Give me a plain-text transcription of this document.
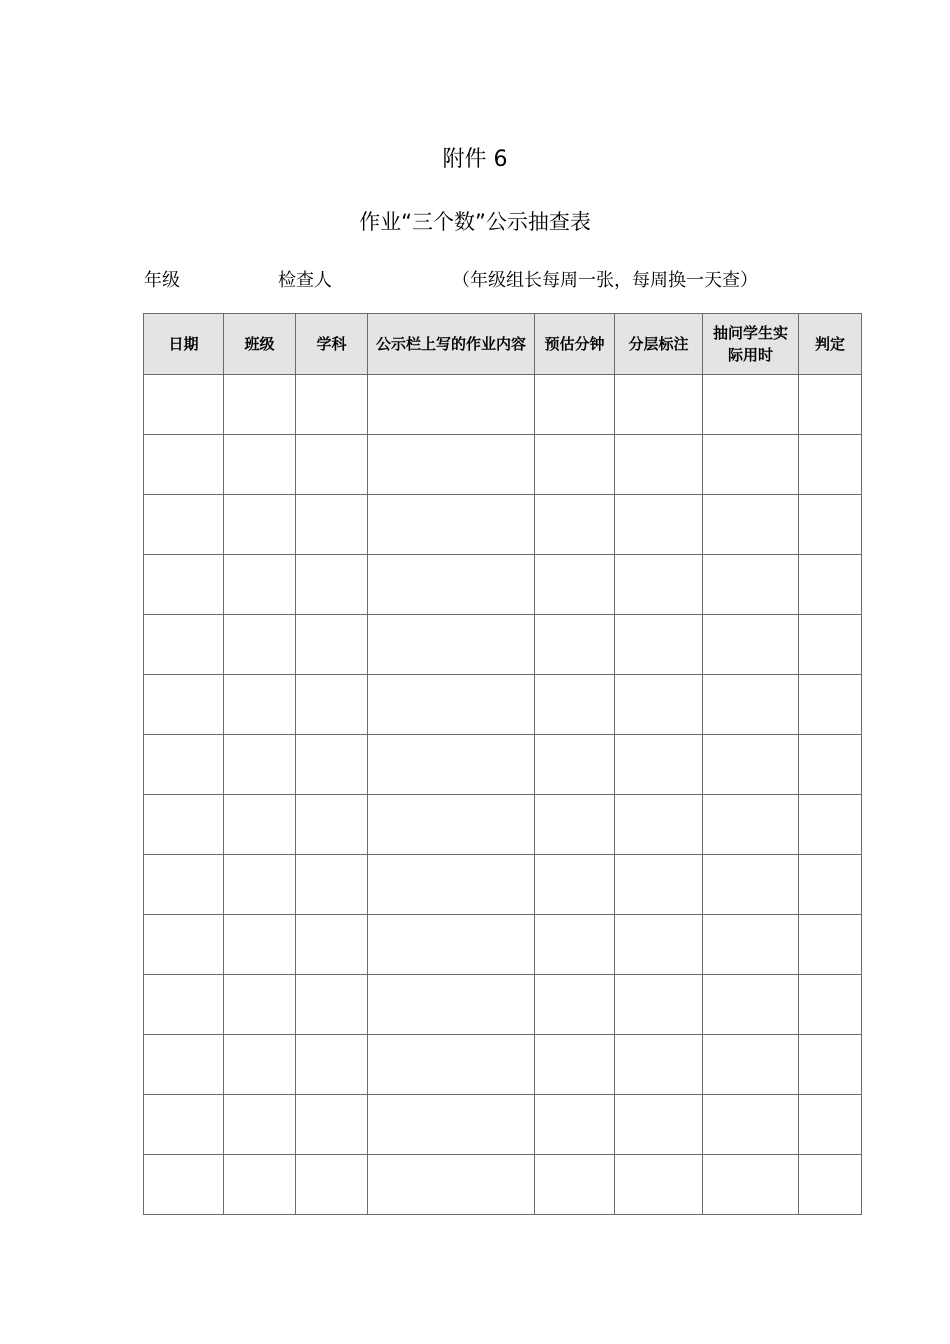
附件 6
作业“三个数”公示抽查表
年级	检查人	（年级组长每周一张，每周换一天查）
日期	班级	学科	公示栏上写的作业内容	预估分钟	分层标注	抽问学生实际用时	判定
